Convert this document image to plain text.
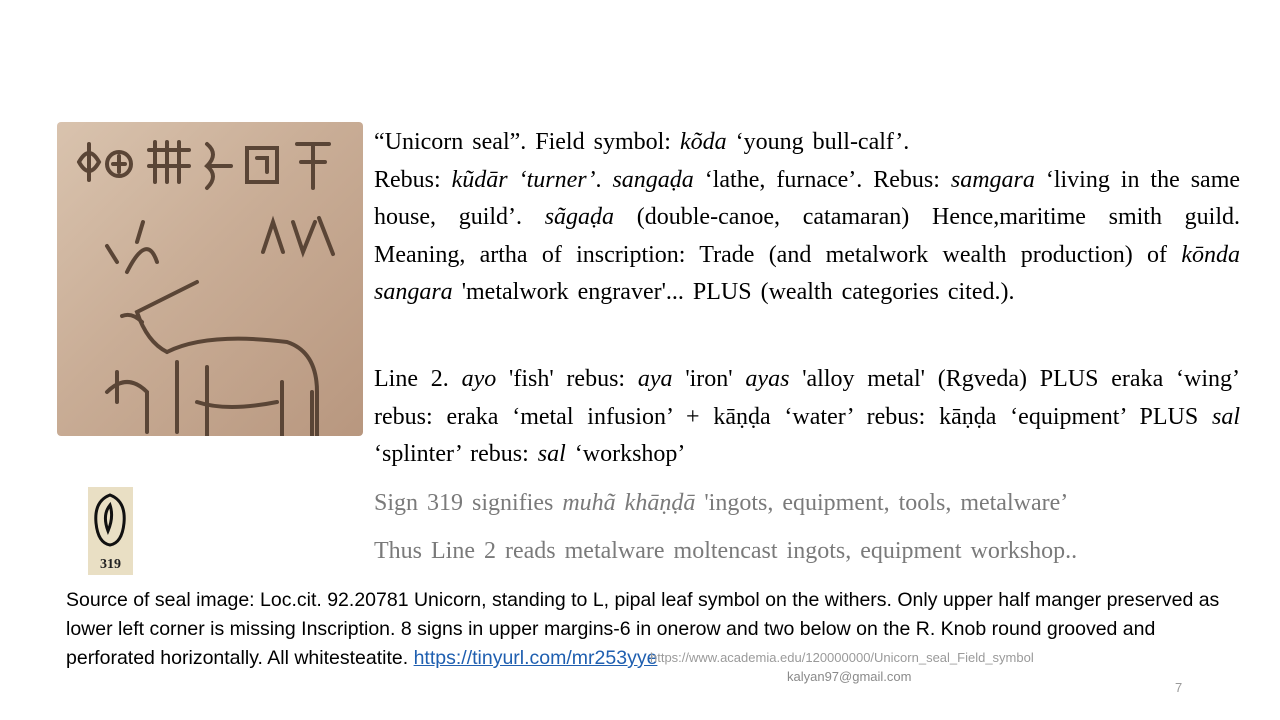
319
“Unicorn seal”. Field symbol: kõda ‘young bull-calf’.
Rebus: kũdār ‘turner’. sangaḍa ‘lathe, furnace’. Rebus: samgara ‘living in the same house, guild’. sãgaḍa (double-canoe, catamaran) Hence,maritime smith guild. Meaning, artha of inscription: Trade (and metalwork wealth production) of kōnda sangara 'metalwork engraver'... PLUS (wealth categories cited.).
Line 2. ayo 'fish' rebus: aya 'iron' ayas 'alloy metal' (Rgveda) PLUS eraka ‘wing’ rebus: eraka ‘metal infusion’ + kāṇḍa ‘water’ rebus: kāṇḍa ‘equipment’ PLUS sal ‘splinter’ rebus: sal ‘workshop’
Sign 319 signifies muhã khāṇḍā 'ingots, equipment, tools, metalware’
Thus Line 2 reads metalware moltencast ingots, equipment workshop..
Source of seal image: Loc.cit. 92.20781 Unicorn, standing to L, pipal leaf symbol on the withers. Only upper half manger preserved as lower left corner is missing Inscription. 8 signs in upper margins-6 in onerow and two below on the R. Knob round grooved and perforated horizontally. All whitesteatite. https://tinyurl.com/mr253yye
https://www.academia.edu/120000000/Unicorn_seal_Field_symbol
kalyan97@gmail.com
7
